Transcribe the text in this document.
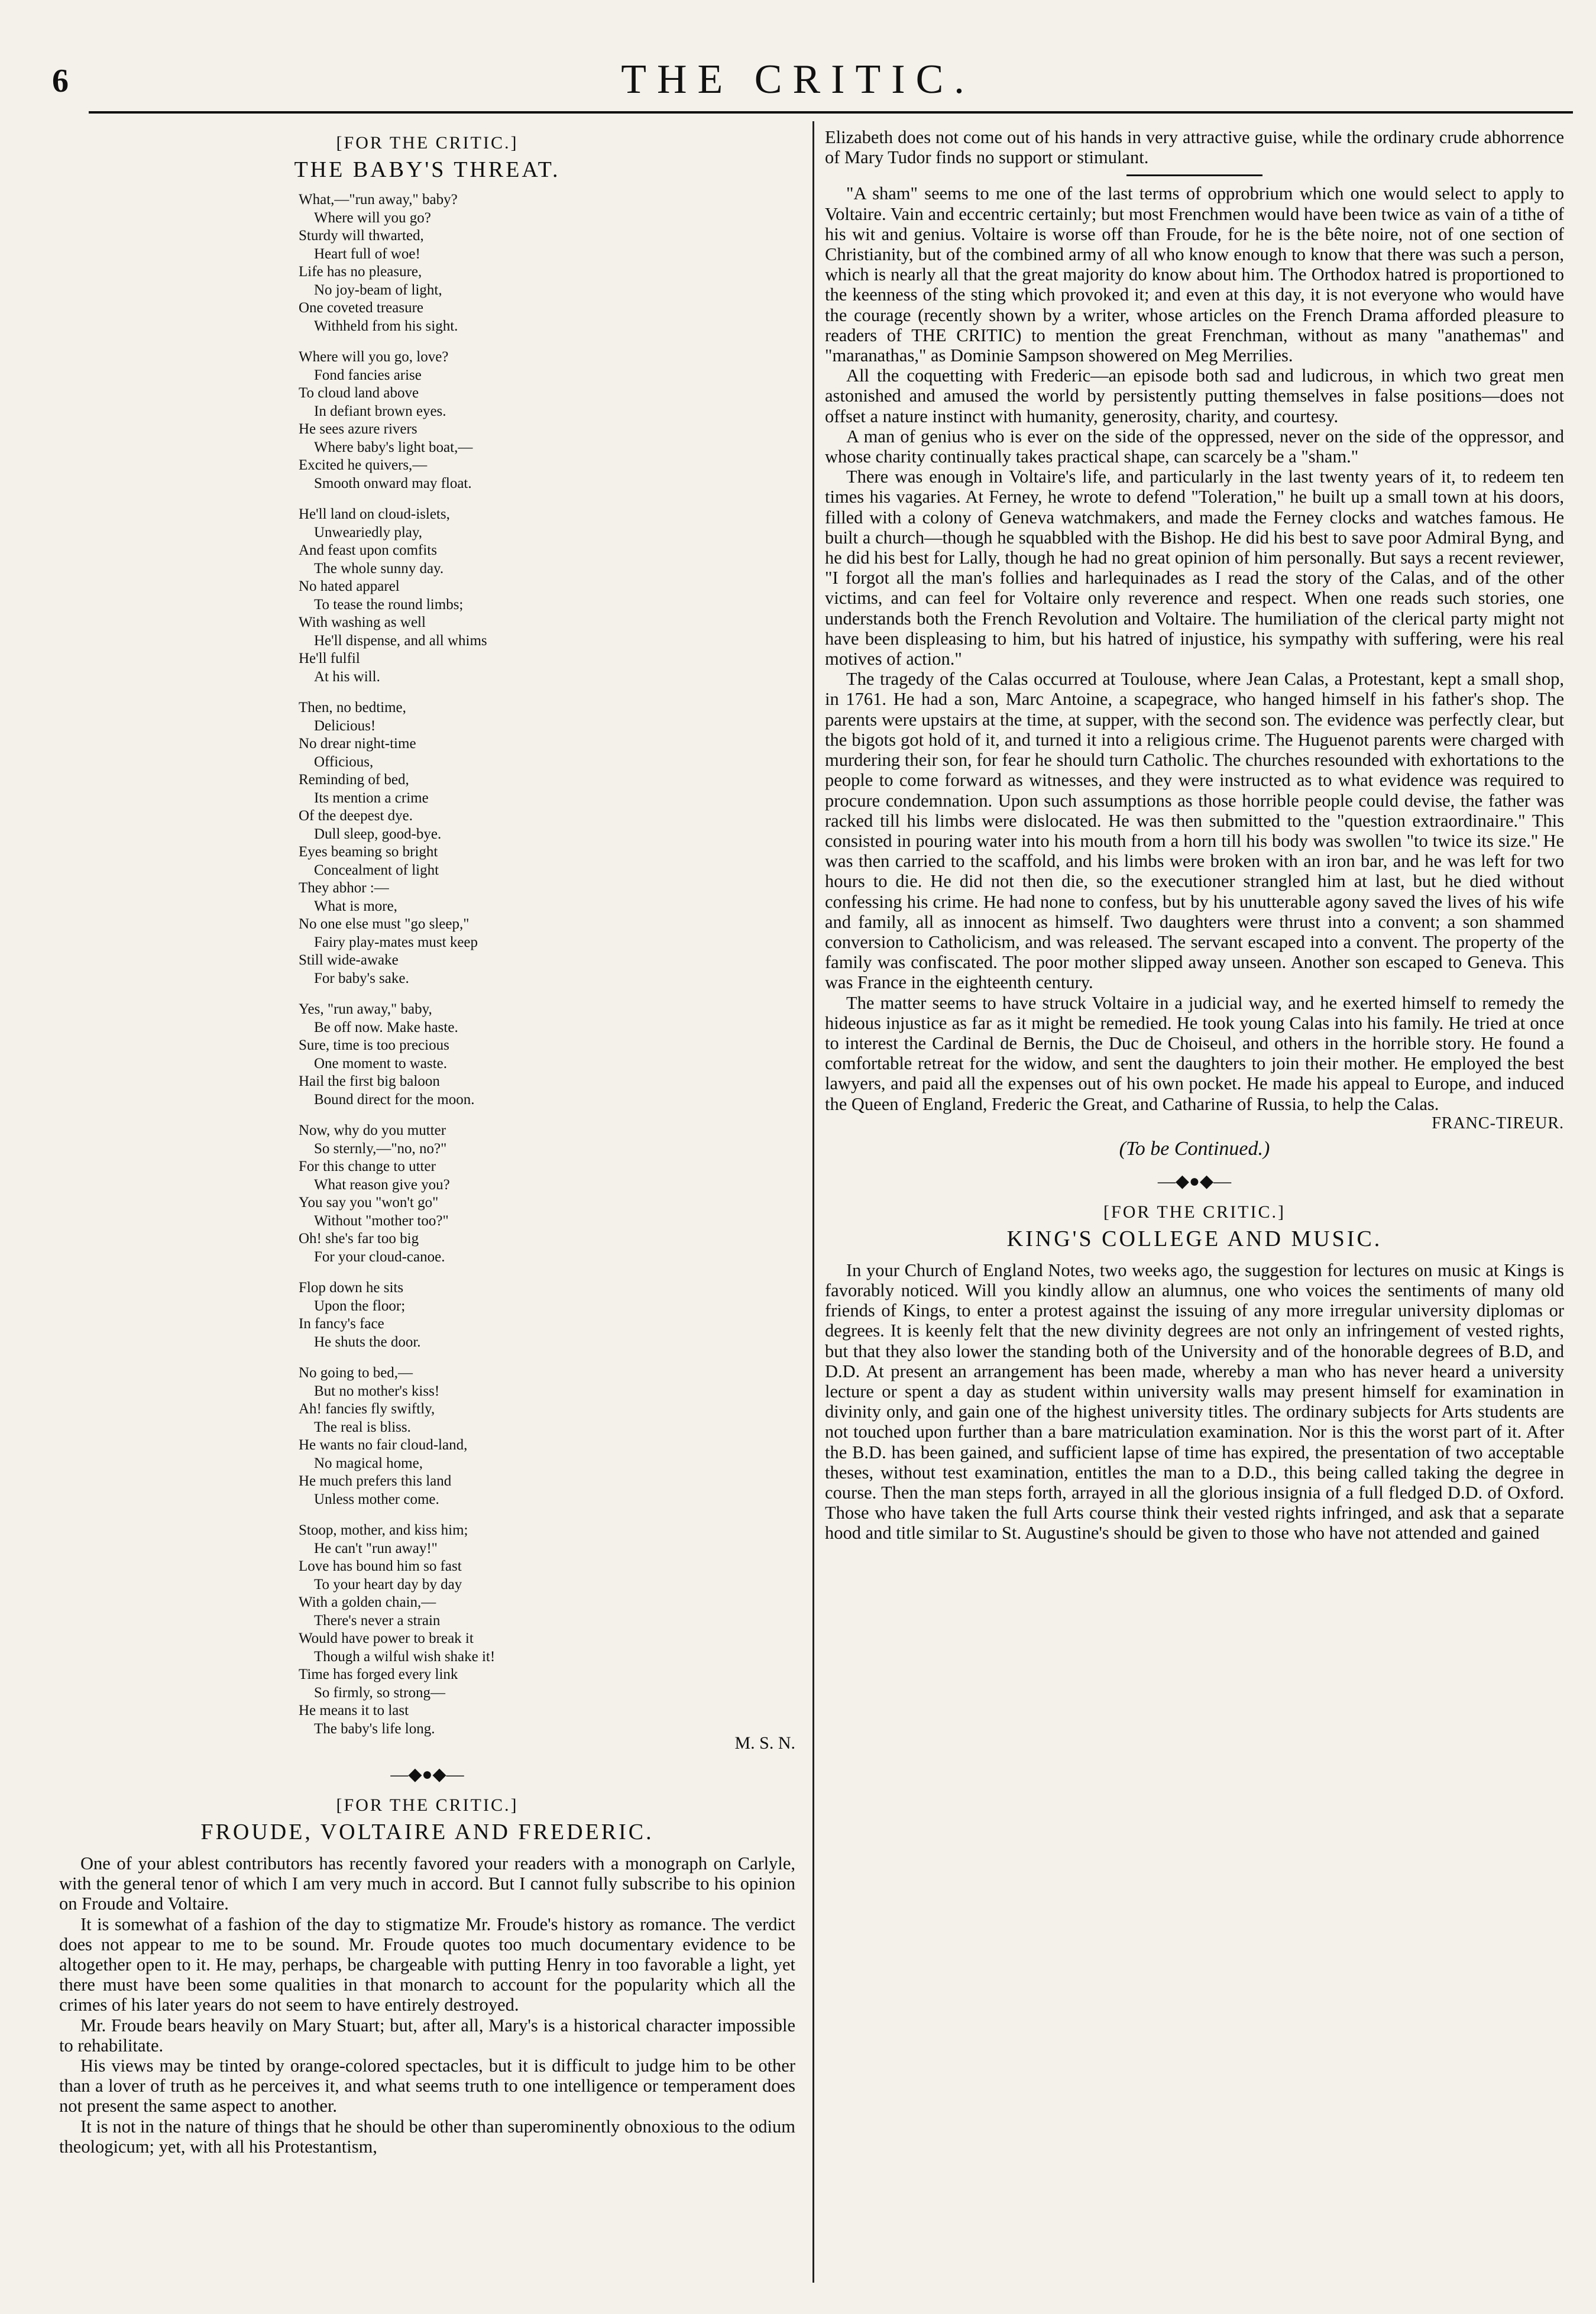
6	THE CRITIC.
[FOR THE CRITIC.]
THE BABY'S THREAT.
What,—"run away," baby?
Where will you go?
Sturdy will thwarted,
Heart full of woe!
Life has no pleasure,
No joy-beam of light,
One coveted treasure
Withheld from his sight.
Where will you go, love?
Fond fancies arise
To cloud land above
In defiant brown eyes.
He sees azure rivers
Where baby's light boat,—
Excited he quivers,—
Smooth onward may float.
He'll land on cloud-islets,
Unweariedly play,
And feast upon comfits
The whole sunny day.
No hated apparel
To tease the round limbs;
With washing as well
He'll dispense, and all whims
He'll fulfil
At his will.
Then, no bedtime,
Delicious!
No drear night-time
Officious,
Reminding of bed,
Its mention a crime
Of the deepest dye.
Dull sleep, good-bye.
Eyes beaming so bright
Concealment of light
They abhor :—
What is more,
No one else must "go sleep,"
Fairy play-mates must keep
Still wide-awake
For baby's sake.
Yes, "run away," baby,
Be off now. Make haste.
Sure, time is too precious
One moment to waste.
Hail the first big baloon
Bound direct for the moon.
Now, why do you mutter
So sternly,—"no, no?"
For this change to utter
What reason give you?
You say you "won't go"
Without "mother too?"
Oh! she's far too big
For your cloud-canoe.
Flop down he sits
Upon the floor;
In fancy's face
He shuts the door.
No going to bed,—
But no mother's kiss!
Ah! fancies fly swiftly,
The real is bliss.
He wants no fair cloud-land,
No magical home,
He much prefers this land
Unless mother come.
Stoop, mother, and kiss him;
He can't "run away!"
Love has bound him so fast
To your heart day by day
With a golden chain,—
There's never a strain
Would have power to break it
Though a wilful wish shake it!
Time has forged every link
So firmly, so strong—
He means it to last
The baby's life long.
M. S. N.
—◆●◆—
[FOR THE CRITIC.]
FROUDE, VOLTAIRE AND FREDERIC.

One of your ablest contributors has recently favored your readers with a monograph on Carlyle, with the general tenor of which I am very much in accord. But I cannot fully subscribe to his opinion on Froude and Voltaire.

It is somewhat of a fashion of the day to stigmatize Mr. Froude's history as romance. The verdict does not appear to me to be sound. Mr. Froude quotes too much documentary evidence to be altogether open to it. He may, perhaps, be chargeable with putting Henry in too favorable a light, yet there must have been some qualities in that monarch to account for the popularity which all the crimes of his later years do not seem to have entirely destroyed.

Mr. Froude bears heavily on Mary Stuart; but, after all, Mary's is a historical character impossible to rehabilitate.

His views may be tinted by orange-colored spectacles, but it is difficult to judge him to be other than a lover of truth as he perceives it, and what seems truth to one intelligence or temperament does not present the same aspect to another.

It is not in the nature of things that he should be other than superominently obnoxious to the odium theologicum; yet, with all his Protestantism,

Elizabeth does not come out of his hands in very attractive guise, while the ordinary crude abhorrence of Mary Tudor finds no support or stimulant.

"A sham" seems to me one of the last terms of opprobrium which one would select to apply to Voltaire. Vain and eccentric certainly; but most Frenchmen would have been twice as vain of a tithe of his wit and genius. Voltaire is worse off than Froude, for he is the bête noire, not of one section of Christianity, but of the combined army of all who know enough to know that there was such a person, which is nearly all that the great majority do know about him. The Orthodox hatred is proportioned to the keenness of the sting which provoked it; and even at this day, it is not everyone who would have the courage (recently shown by a writer, whose articles on the French Drama afforded pleasure to readers of THE CRITIC) to mention the great Frenchman, without as many "anathemas" and "maranathas," as Dominie Sampson showered on Meg Merrilies.

All the coquetting with Frederic—an episode both sad and ludicrous, in which two great men astonished and amused the world by persistently putting themselves in false positions—does not offset a nature instinct with humanity, generosity, charity, and courtesy.

A man of genius who is ever on the side of the oppressed, never on the side of the oppressor, and whose charity continually takes practical shape, can scarcely be a "sham."

There was enough in Voltaire's life, and particularly in the last twenty years of it, to redeem ten times his vagaries. At Ferney, he wrote to defend "Toleration," he built up a small town at his doors, filled with a colony of Geneva watchmakers, and made the Ferney clocks and watches famous. He built a church—though he squabbled with the Bishop. He did his best to save poor Admiral Byng, and he did his best for Lally, though he had no great opinion of him personally. But says a recent reviewer, "I forgot all the man's follies and harlequinades as I read the story of the Calas, and of the other victims, and can feel for Voltaire only reverence and respect. When one reads such stories, one understands both the French Revolution and Voltaire. The humiliation of the clerical party might not have been displeasing to him, but his hatred of injustice, his sympathy with suffering, were his real motives of action."

The tragedy of the Calas occurred at Toulouse, where Jean Calas, a Protestant, kept a small shop, in 1761. He had a son, Marc Antoine, a scapegrace, who hanged himself in his father's shop. The parents were upstairs at the time, at supper, with the second son. The evidence was perfectly clear, but the bigots got hold of it, and turned it into a religious crime. The Huguenot parents were charged with murdering their son, for fear he should turn Catholic. The churches resounded with exhortations to the people to come forward as witnesses, and they were instructed as to what evidence was required to procure condemnation. Upon such assumptions as those horrible people could devise, the father was racked till his limbs were dislocated. He was then submitted to the "question extraordinaire." This consisted in pouring water into his mouth from a horn till his body was swollen "to twice its size." He was then carried to the scaffold, and his limbs were broken with an iron bar, and he was left for two hours to die. He did not then die, so the executioner strangled him at last, but he died without confessing his crime. He had none to confess, but by his unutterable agony saved the lives of his wife and family, all as innocent as himself. Two daughters were thrust into a convent; a son shammed conversion to Catholicism, and was released. The servant escaped into a convent. The property of the family was confiscated. The poor mother slipped away unseen. Another son escaped to Geneva. This was France in the eighteenth century.

The matter seems to have struck Voltaire in a judicial way, and he exerted himself to remedy the hideous injustice as far as it might be remedied. He took young Calas into his family. He tried at once to interest the Cardinal de Bernis, the Duc de Choiseul, and others in the horrible story. He found a comfortable retreat for the widow, and sent the daughters to join their mother. He employed the best lawyers, and paid all the expenses out of his own pocket. He made his appeal to Europe, and induced the Queen of England, Frederic the Great, and Catharine of Russia, to help the Calas.

FRANC-TIREUR.
(To be Continued.)
—◆●◆—
[FOR THE CRITIC.]
KING'S COLLEGE AND MUSIC.

In your Church of England Notes, two weeks ago, the suggestion for lectures on music at Kings is favorably noticed. Will you kindly allow an alumnus, one who voices the sentiments of many old friends of Kings, to enter a protest against the issuing of any more irregular university diplomas or degrees. It is keenly felt that the new divinity degrees are not only an infringement of vested rights, but that they also lower the standing both of the University and of the honorable degrees of B.D, and D.D. At present an arrangement has been made, whereby a man who has never heard a university lecture or spent a day as student within university walls may present himself for examination in divinity only, and gain one of the highest university titles. The ordinary subjects for Arts students are not touched upon further than a bare matriculation examination. Nor is this the worst part of it. After the B.D. has been gained, and sufficient lapse of time has expired, the presentation of two acceptable theses, without test examination, entitles the man to a D.D., this being called taking the degree in course. Then the man steps forth, arrayed in all the glorious insignia of a full fledged D.D. of Oxford. Those who have taken the full Arts course think their vested rights infringed, and ask that a separate hood and title similar to St. Augustine's should be given to those who have not attended and gained
